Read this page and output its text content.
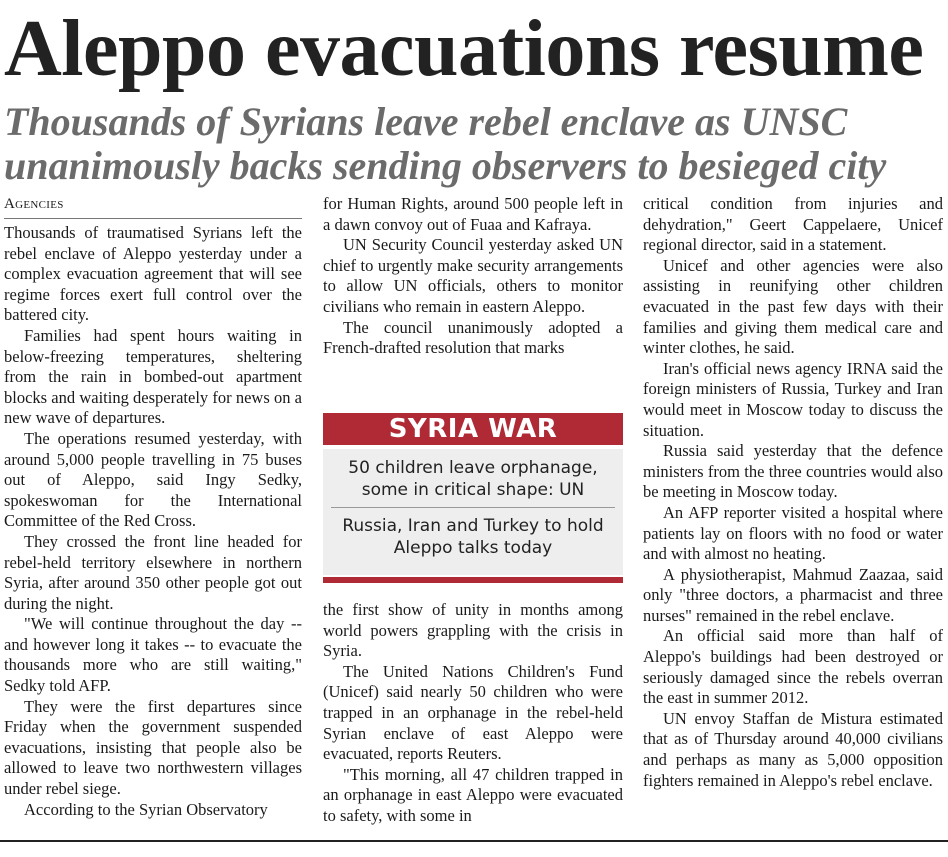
Aleppo evacuations resume
Thousands of Syrians leave rebel enclave as UNSC unanimously backs sending observers to besieged city
Agencies

Thousands of traumatised Syrians left the rebel enclave of Aleppo yesterday under a complex evacuation agreement that will see regime forces exert full control over the battered city.

Families had spent hours waiting in below-freezing temperatures, sheltering from the rain in bombed-out apartment blocks and waiting desperately for news on a new wave of departures.

The operations resumed yesterday, with around 5,000 people travelling in 75 buses out of Aleppo, said Ingy Sedky, spokeswoman for the International Committee of the Red Cross.

They crossed the front line headed for rebel-held territory elsewhere in northern Syria, after around 350 other people got out during the night.

"We will continue throughout the day -- and however long it takes -- to evacuate the thousands more who are still waiting," Sedky told AFP.

They were the first departures since Friday when the government suspended evacuations, insisting that people also be allowed to leave two northwestern villages under rebel siege.

According to the Syrian Observatory

for Human Rights, around 500 people left in a dawn convoy out of Fuaa and Kafraya.

UN Security Council yesterday asked UN chief to urgently make security arrangements to allow UN officials, others to monitor civilians who remain in eastern Aleppo.

The council unanimously adopted a French-drafted resolution that marks

SYRIA WAR
50 children leave orphanage, some in critical shape: UN
Russia, Iran and Turkey to hold Aleppo talks today

the first show of unity in months among world powers grappling with the crisis in Syria.

The United Nations Children's Fund (Unicef) said nearly 50 children who were trapped in an orphanage in the rebel-held Syrian enclave of east Aleppo were evacuated, reports Reuters.

"This morning, all 47 children trapped in an orphanage in east Aleppo were evacuated to safety, with some in

critical condition from injuries and dehydration," Geert Cappelaere, Unicef regional director, said in a statement.

Unicef and other agencies were also assisting in reunifying other children evacuated in the past few days with their families and giving them medical care and winter clothes, he said.

Iran's official news agency IRNA said the foreign ministers of Russia, Turkey and Iran would meet in Moscow today to discuss the situation.

Russia said yesterday that the defence ministers from the three countries would also be meeting in Moscow today.

An AFP reporter visited a hospital where patients lay on floors with no food or water and with almost no heating.

A physiotherapist, Mahmud Zaazaa, said only "three doctors, a pharmacist and three nurses" remained in the rebel enclave.

An official said more than half of Aleppo's buildings had been destroyed or seriously damaged since the rebels overran the east in summer 2012.

UN envoy Staffan de Mistura estimated that as of Thursday around 40,000 civilians and perhaps as many as 5,000 opposition fighters remained in Aleppo's rebel enclave.
